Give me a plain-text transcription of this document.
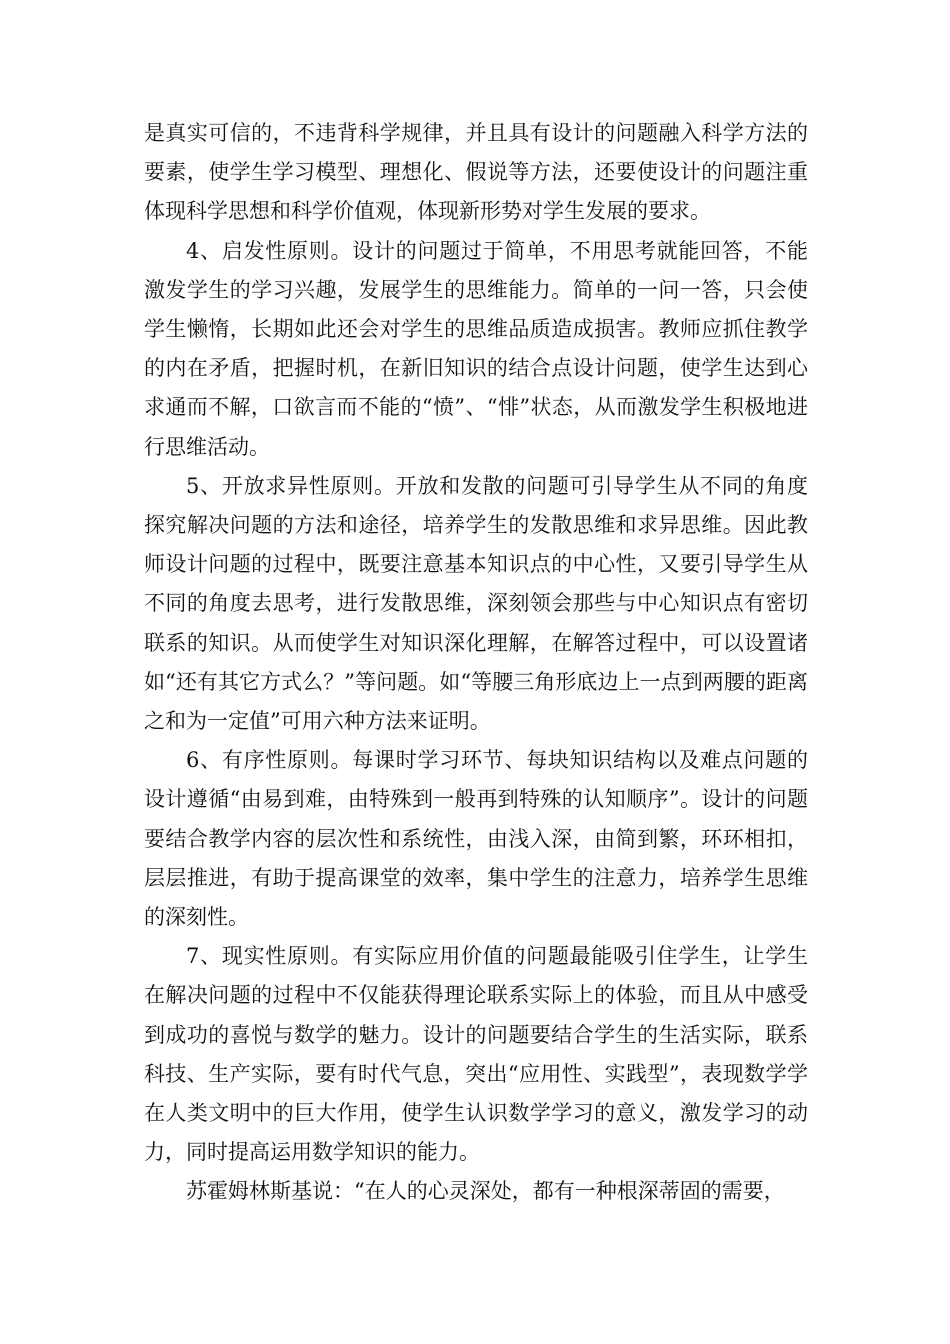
是真实可信的，不违背科学规律，并且具有设计的问题融入科学方法的要素，使学生学习模型、理想化、假说等方法，还要使设计的问题注重体现科学思想和科学价值观，体现新形势对学生发展的要求。

4、启发性原则。设计的问题过于简单，不用思考就能回答，不能激发学生的学习兴趣，发展学生的思维能力。简单的一问一答，只会使学生懒惰，长期如此还会对学生的思维品质造成损害。教师应抓住教学的内在矛盾，把握时机，在新旧知识的结合点设计问题，使学生达到心求通而不解，口欲言而不能的“愤”、“悱”状态，从而激发学生积极地进行思维活动。

5、开放求异性原则。开放和发散的问题可引导学生从不同的角度探究解决问题的方法和途径，培养学生的发散思维和求异思维。因此教师设计问题的过程中，既要注意基本知识点的中心性，又要引导学生从不同的角度去思考，进行发散思维，深刻领会那些与中心知识点有密切联系的知识。从而使学生对知识深化理解，在解答过程中，可以设置诸如“还有其它方式么？”等问题。如“等腰三角形底边上一点到两腰的距离之和为一定值”可用六种方法来证明。

6、有序性原则。每课时学习环节、每块知识结构以及难点问题的设计遵循“由易到难，由特殊到一般再到特殊的认知顺序”。设计的问题要结合教学内容的层次性和系统性，由浅入深，由简到繁，环环相扣，层层推进，有助于提高课堂的效率，集中学生的注意力，培养学生思维的深刻性。

7、现实性原则。有实际应用价值的问题最能吸引住学生，让学生在解决问题的过程中不仅能获得理论联系实际上的体验，而且从中感受到成功的喜悦与数学的魅力。设计的问题要结合学生的生活实际，联系科技、生产实际，要有时代气息，突出“应用性、实践型”，表现数学学在人类文明中的巨大作用，使学生认识数学学习的意义，激发学习的动力，同时提高运用数学知识的能力。

苏霍姆林斯基说：“在人的心灵深处，都有一种根深蒂固的需要，
